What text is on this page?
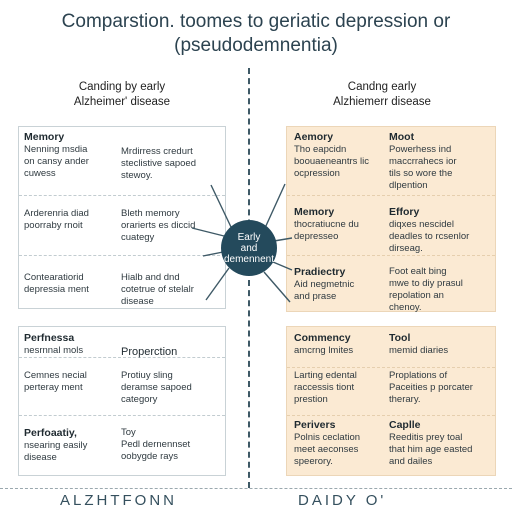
Comparstion. toomes to geriatic depression or
(pseudodemnentia)
Canding by early
Alzheimer' disease
Candng early
Alzhiemerr disease
Memory
Nenning msdia
on cansy ander
cuwess
Mrdirress credurt
steclistive sapoed
stewoy.
Arderenria diad
poorraby rnoit
Bleth memory
orarierts es diccid
cuategy
Contearatiorid
depressia ment
Hialb and dnd
cotetrue of stelalr
disease
Perfnessa
nesrnnal mols	Properction
Cemnes necial
perteray ment
Protiuy sling
deramse sapoed
category
Perfoaatiy,
nsearing easily
disease
Toy
Pedl dernennset
oobygde rays
Aemory
Tho eapcidn
boouaeneantrs lic
ocpression
Moot
Powerhess ind
maccrrahecs ior
tils so wore the
dlpention
Memory
thocratiucne du
depresseo
Effory
diqxes nescidel
deadles to rcsenlor
dirseag.
Pradiectry
Aid negmetnic
and prase
Foot ealt bing
mwe to diy prasul
repolation an
chenoy.
Commency
amcrng lmites
Tool
memid diaries
Larting edental
raccessis tiont
prestion
Proplations of
Paceities p porcater
therary.
Perivers
Polnis ceclation
meet aeconses
speerory.
Caplle
Reeditis prey toal
that him age easted
and dailes
Early
and
demennent
ALZHTFONN	DAIDY O'
